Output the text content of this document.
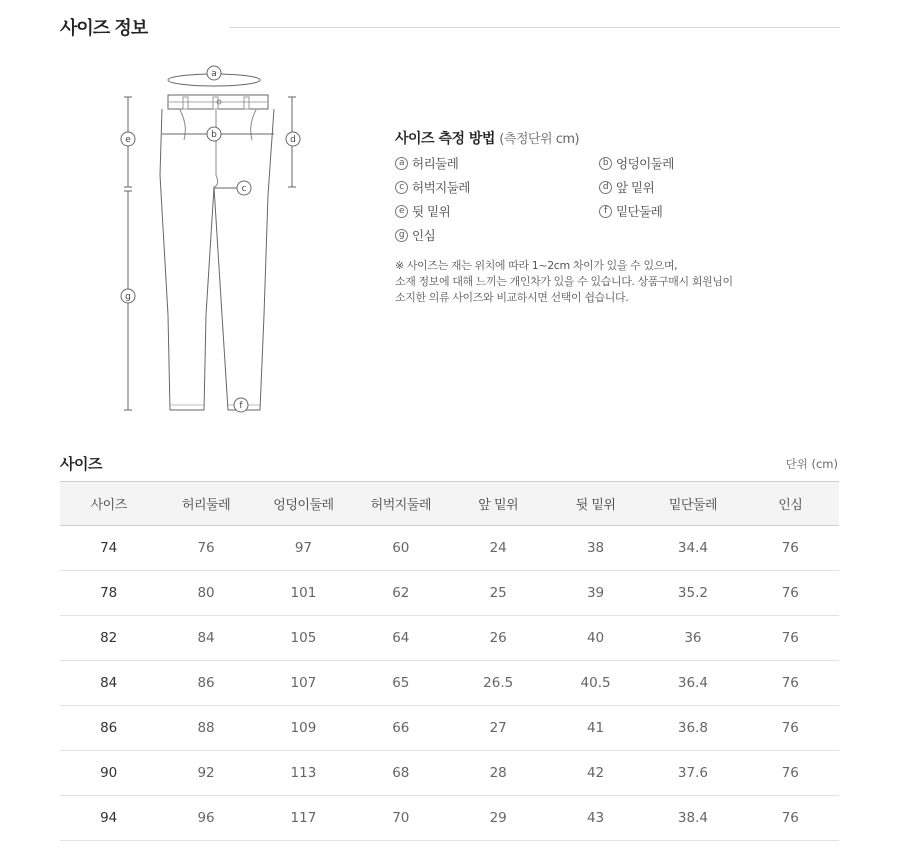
사이즈 정보
a
b
c
d
e
f
g
사이즈 측정 방법 (측정단위 cm)
a 허리둘레	b 엉덩이둘레
c 허벅지둘레	d 앞 밑위
e 뒷 밑위	f 밑단둘레
g 인심
※ 사이즈는 재는 위치에 따라 1~2cm 차이가 있을 수 있으며,
소재 정보에 대해 느끼는 개인차가 있을 수 있습니다. 상품구매시 회원님이
소지한 의류 사이즈와 비교하시면 선택이 쉽습니다.
사이즈	단위 (cm)
사이즈	허리둘레	엉덩이둘레	허벅지둘레	앞 밑위	뒷 밑위	밑단둘레	인심
74	76	97	60	24	38	34.4	76
78	80	101	62	25	39	35.2	76
82	84	105	64	26	40	36	76
84	86	107	65	26.5	40.5	36.4	76
86	88	109	66	27	41	36.8	76
90	92	113	68	28	42	37.6	76
94	96	117	70	29	43	38.4	76
